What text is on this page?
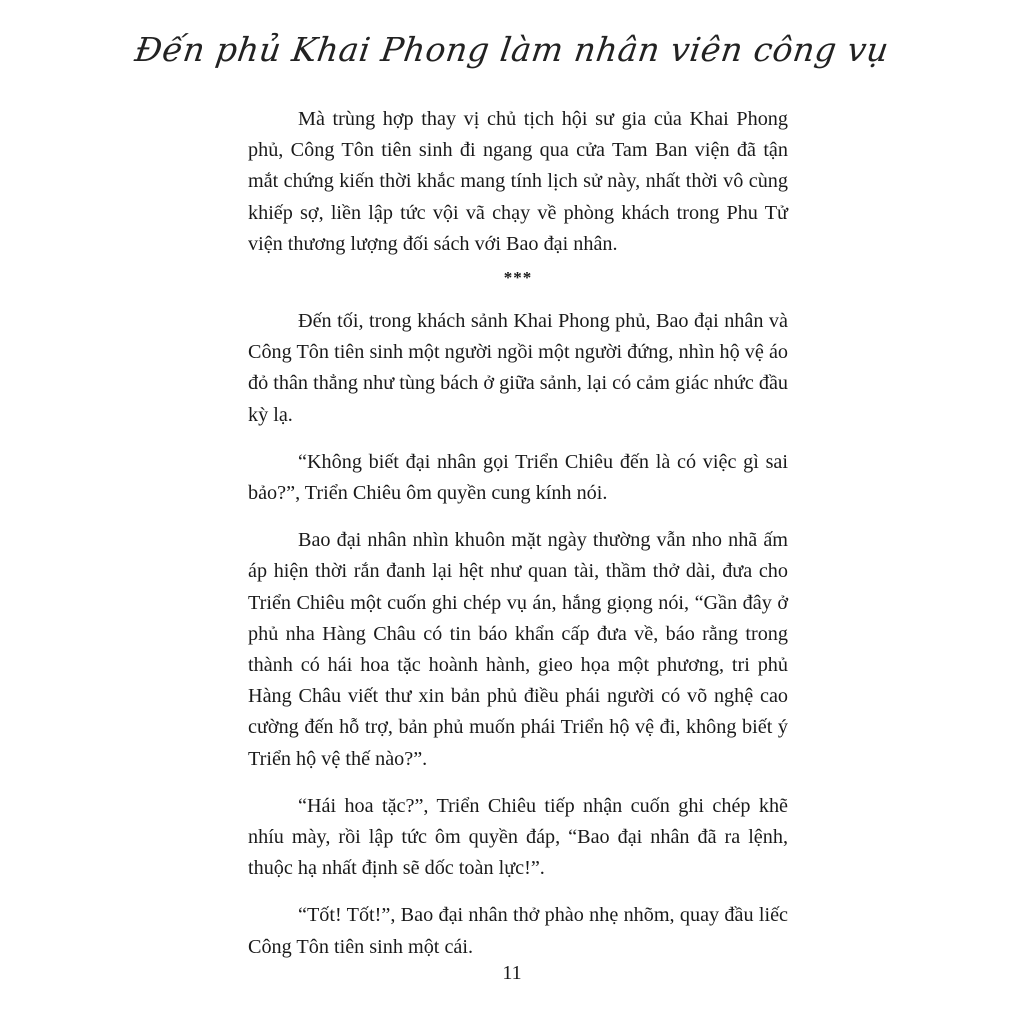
Đến phủ Khai Phong làm nhân viên công vụ

Mà trùng hợp thay vị chủ tịch hội sư gia của Khai Phong phủ, Công Tôn tiên sinh đi ngang qua cửa Tam Ban viện đã tận mắt chứng kiến thời khắc mang tính lịch sử này, nhất thời vô cùng khiếp sợ, liền lập tức vội vã chạy về phòng khách trong Phu Tử viện thương lượng đối sách với Bao đại nhân.

***

Đến tối, trong khách sảnh Khai Phong phủ, Bao đại nhân và Công Tôn tiên sinh một người ngồi một người đứng, nhìn hộ vệ áo đỏ thân thẳng như tùng bách ở giữa sảnh, lại có cảm giác nhức đầu kỳ lạ.

“Không biết đại nhân gọi Triển Chiêu đến là có việc gì sai bảo?”, Triển Chiêu ôm quyền cung kính nói.

Bao đại nhân nhìn khuôn mặt ngày thường vẫn nho nhã ấm áp hiện thời rắn đanh lại hệt như quan tài, thầm thở dài, đưa cho Triển Chiêu một cuốn ghi chép vụ án, hắng giọng nói, “Gần đây ở phủ nha Hàng Châu có tin báo khẩn cấp đưa về, báo rằng trong thành có hái hoa tặc hoành hành, gieo họa một phương, tri phủ Hàng Châu viết thư xin bản phủ điều phái người có võ nghệ cao cường đến hỗ trợ, bản phủ muốn phái Triển hộ vệ đi, không biết ý Triển hộ vệ thế nào?”.

“Hái hoa tặc?”, Triển Chiêu tiếp nhận cuốn ghi chép khẽ nhíu mày, rồi lập tức ôm quyền đáp, “Bao đại nhân đã ra lệnh, thuộc hạ nhất định sẽ dốc toàn lực!”.

“Tốt! Tốt!”, Bao đại nhân thở phào nhẹ nhõm, quay đầu liếc Công Tôn tiên sinh một cái.

11
